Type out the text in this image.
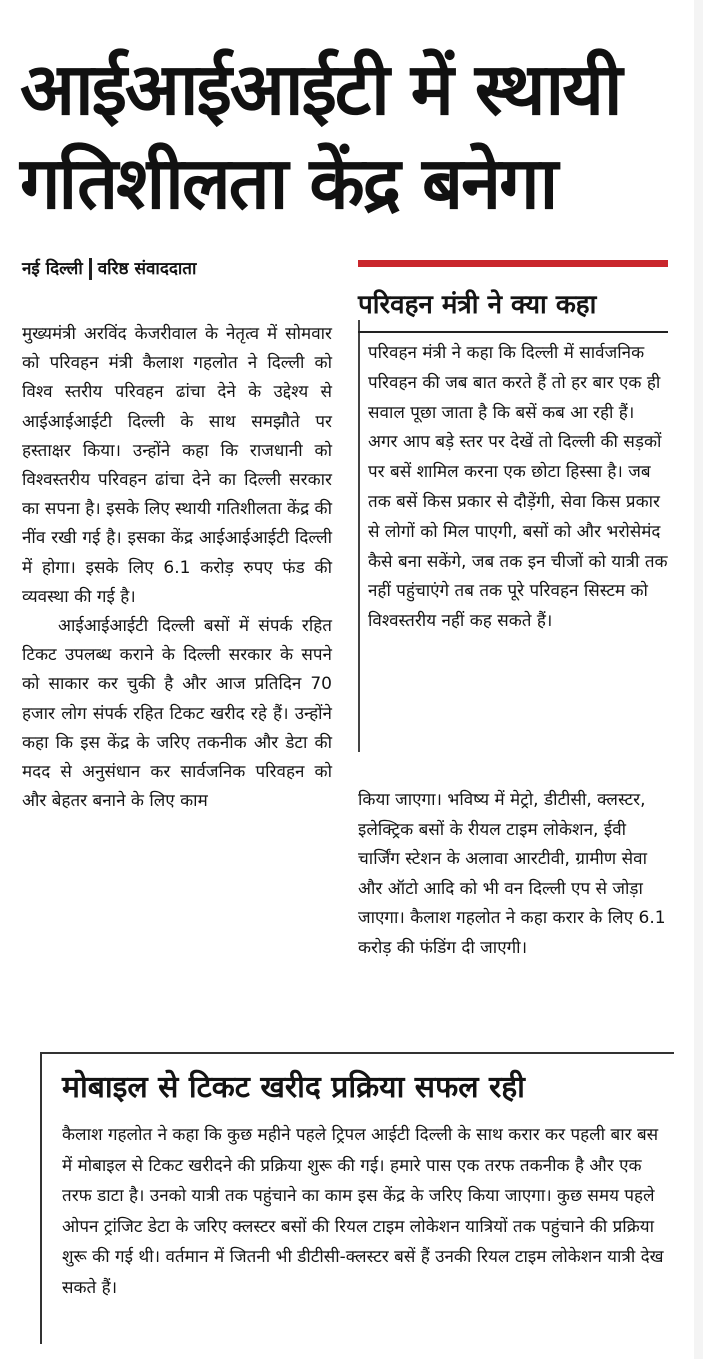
आईआईआईटी में स्थायी
गतिशीलता केंद्र बनेगा
नई दिल्ली वरिष्ठ संवाददाता

मुख्यमंत्री अरविंद केजरीवाल के नेतृत्व में सोमवार को परिवहन मंत्री कैलाश गहलोत ने दिल्ली को विश्व स्तरीय परिवहन ढांचा देने के उद्देश्य से आईआईआईटी दिल्ली के साथ समझौते पर हस्ताक्षर किया। उन्होंने कहा कि राजधानी को विश्वस्तरीय परिवहन ढांचा देने का दिल्ली सरकार का सपना है। इसके लिए स्थायी गतिशीलता केंद्र की नींव रखी गई है। इसका केंद्र आईआईआईटी दिल्ली में होगा। इसके लिए 6.1 करोड़ रुपए फंड की व्यवस्था की गई है।

आईआईआईटी दिल्ली बसों में संपर्क रहित टिकट उपलब्ध कराने के दिल्ली सरकार के सपने को साकार कर चुकी है और आज प्रतिदिन 70 हजार लोग संपर्क रहित टिकट खरीद रहे हैं। उन्होंने कहा कि इस केंद्र के जरिए तकनीक और डेटा की मदद से अनुसंधान कर सार्वजनिक परिवहन को और बेहतर बनाने के लिए काम

परिवहन मंत्री ने क्या कहा
परिवहन मंत्री ने कहा कि दिल्ली में सार्वजनिक परिवहन की जब बात करते हैं तो हर बार एक ही सवाल पूछा जाता है कि बसें कब आ रही हैं। अगर आप बड़े स्तर पर देखें तो दिल्ली की सड़कों पर बसें शामिल करना एक छोटा हिस्सा है। जब तक बसें किस प्रकार से दौड़ेंगी, सेवा किस प्रकार से लोगों को मिल पाएगी, बसों को और भरोसेमंद कैसे बना सकेंगे, जब तक इन चीजों को यात्री तक नहीं पहुंचाएंगे तब तक पूरे परिवहन सिस्टम को विश्वस्तरीय नहीं कह सकते हैं।
किया जाएगा। भविष्य में मेट्रो, डीटीसी, क्लस्टर, इलेक्ट्रिक बसों के रीयल टाइम लोकेशन, ईवी चार्जिंग स्टेशन के अलावा आरटीवी, ग्रामीण सेवा और ऑटो आदि को भी वन दिल्ली एप से जोड़ा जाएगा। कैलाश गहलोत ने कहा करार के लिए 6.1 करोड़ की फंडिंग दी जाएगी।
मोबाइल से टिकट खरीद प्रक्रिया सफल रही
कैलाश गहलोत ने कहा कि कुछ महीने पहले ट्रिपल आईटी दिल्ली के साथ करार कर पहली बार बस में मोबाइल से टिकट खरीदने की प्रक्रिया शुरू की गई। हमारे पास एक तरफ तकनीक है और एक तरफ डाटा है। उनको यात्री तक पहुंचाने का काम इस केंद्र के जरिए किया जाएगा। कुछ समय पहले ओपन ट्रांजिट डेटा के जरिए क्लस्टर बसों की रियल टाइम लोकेशन यात्रियों तक पहुंचाने की प्रक्रिया शुरू की गई थी। वर्तमान में जितनी भी डीटीसी-क्लस्टर बसें हैं उनकी रियल टाइम लोकेशन यात्री देख सकते हैं।
